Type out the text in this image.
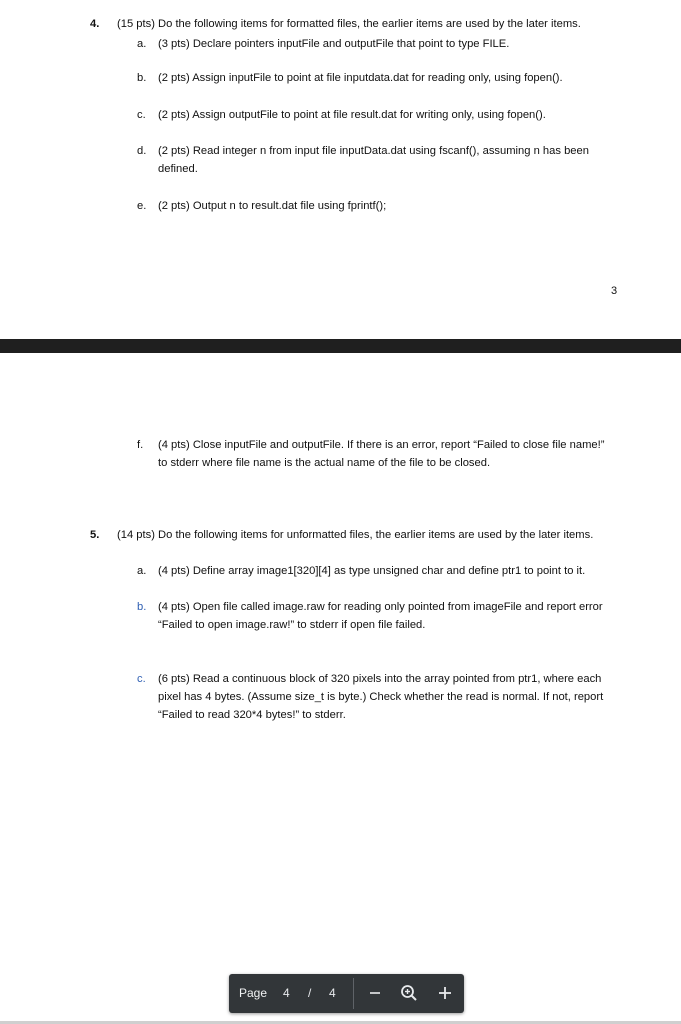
4. (15 pts) Do the following items for formatted files, the earlier items are used by the later items.
a. (3 pts) Declare pointers inputFile and outputFile that point to type FILE.
b. (2 pts) Assign inputFile to point at file inputdata.dat for reading only, using fopen().
c. (2 pts) Assign outputFile to point at file result.dat for writing only, using fopen().
d. (2 pts) Read integer n from input file inputData.dat using fscanf(), assuming n has been defined.
e. (2 pts) Output n to result.dat file using fprintf();
3
f. (4 pts) Close inputFile and outputFile. If there is an error, report “Failed to close file name!” to stderr where file name is the actual name of the file to be closed.
5. (14 pts) Do the following items for unformatted files, the earlier items are used by the later items.
a. (4 pts) Define array image1[320][4] as type unsigned char and define ptr1 to point to it.
b. (4 pts) Open file called image.raw for reading only pointed from imageFile and report error “Failed to open image.raw!” to stderr if open file failed.
c. (6 pts) Read a continuous block of 320 pixels into the array pointed from ptr1, where each pixel has 4 bytes. (Assume size_t is byte.) Check whether the read is normal. If not, report “Failed to read 320*4 bytes!” to stderr.
Page 4 / 4
